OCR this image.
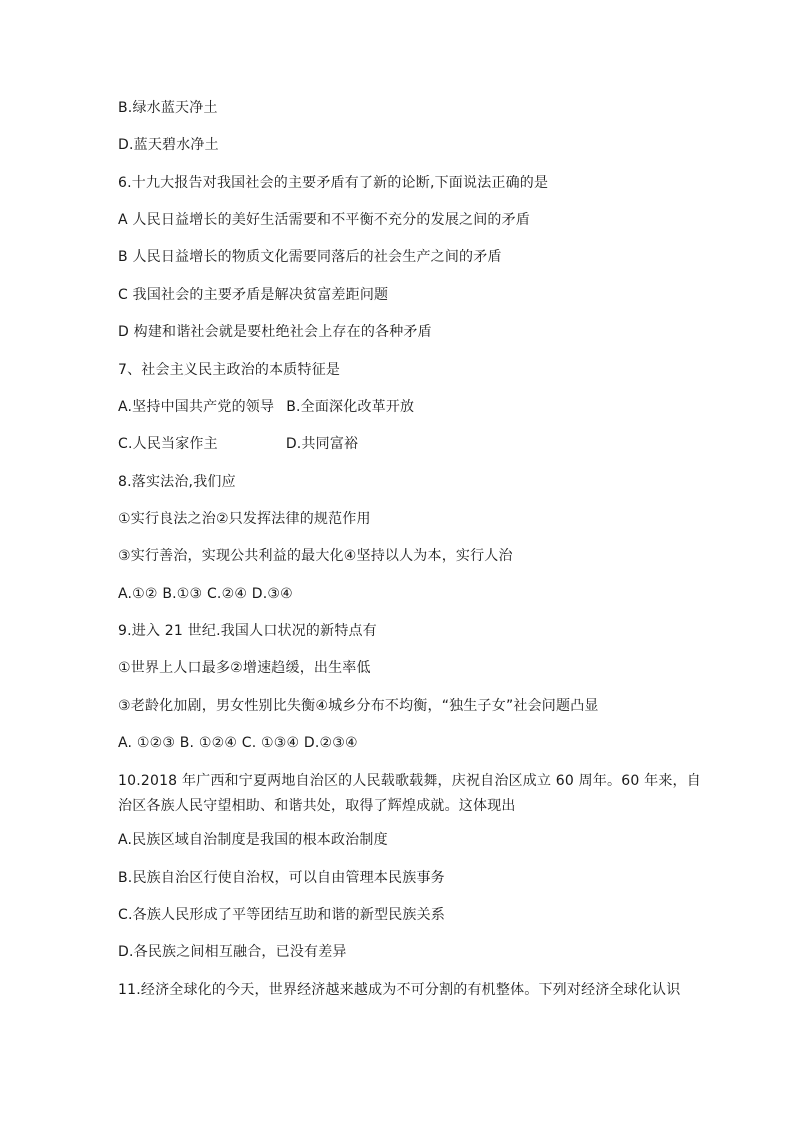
B.绿水蓝天净土
D.蓝天碧水净土
6.十九大报告对我国社会的主要矛盾有了新的论断,下面说法正确的是
A 人民日益增长的美好生活需要和不平衡不充分的发展之间的矛盾
B 人民日益增长的物质文化需要同落后的社会生产之间的矛盾
C 我国社会的主要矛盾是解决贫富差距问题
D 构建和谐社会就是要杜绝社会上存在的各种矛盾
7、社会主义民主政治的本质特征是
A.坚持中国共产党的领导 B.全面深化改革开放
C.人民当家作主	D.共同富裕
8.落实法治,我们应
①实行良法之治②只发挥法律的规范作用
③实行善治，实现公共利益的最大化④坚持以人为本，实行人治
A.①② B.①③ C.②④ D.③④
9.进入 21 世纪.我国人口状况的新特点有
①世界上人口最多②增速趋缓，出生率低
③老龄化加剧，男女性别比失衡④城乡分布不均衡，“独生子女”社会问题凸显
A. ①②③ B. ①②④ C. ①③④ D.②③④
10.2018 年广西和宁夏两地自治区的人民载歌载舞，庆祝自治区成立 60 周年。60 年来，自
治区各族人民守望相助、和谐共处，取得了辉煌成就。这体现出
A.民族区域自治制度是我国的根本政治制度
B.民族自治区行使自治权，可以自由管理本民族事务
C.各族人民形成了平等团结互助和谐的新型民族关系
D.各民族之间相互融合，已没有差异
11.经济全球化的今天，世界经济越来越成为不可分割的有机整体。下列对经济全球化认识
